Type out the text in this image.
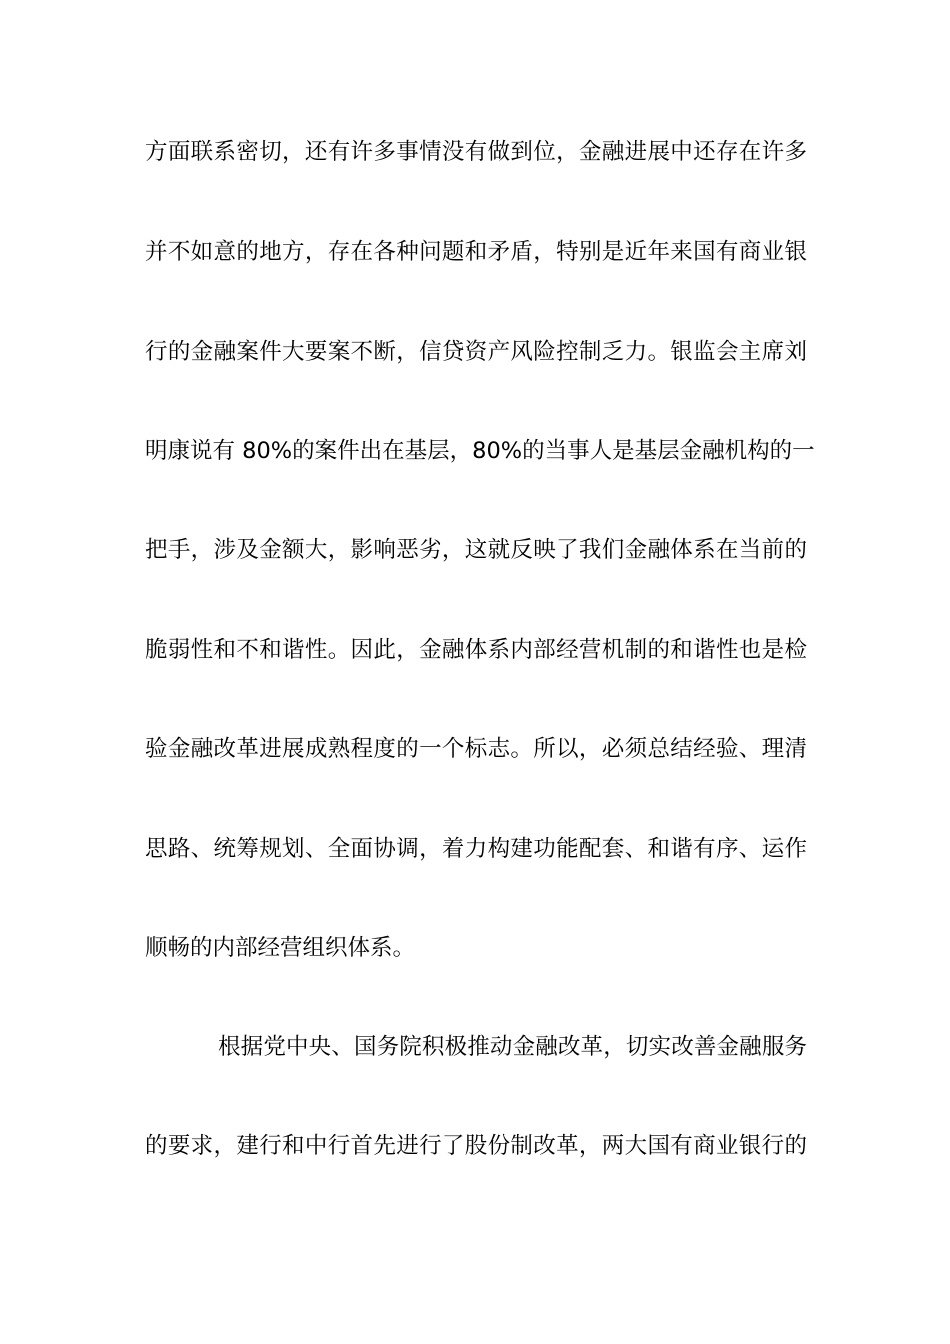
方面联系密切，还有许多事情没有做到位，金融进展中还存在许多
并不如意的地方，存在各种问题和矛盾，特别是近年来国有商业银
行的金融案件大要案不断，信贷资产风险控制乏力。银监会主席刘
明康说有 80%的案件出在基层，80%的当事人是基层金融机构的一
把手，涉及金额大，影响恶劣，这就反映了我们金融体系在当前的
脆弱性和不和谐性。因此，金融体系内部经营机制的和谐性也是检
验金融改革进展成熟程度的一个标志。所以，必须总结经验、理清
思路、统筹规划、全面协调，着力构建功能配套、和谐有序、运作
顺畅的内部经营组织体系。
根据党中央、国务院积极推动金融改革，切实改善金融服务
的要求，建行和中行首先进行了股份制改革，两大国有商业银行的
